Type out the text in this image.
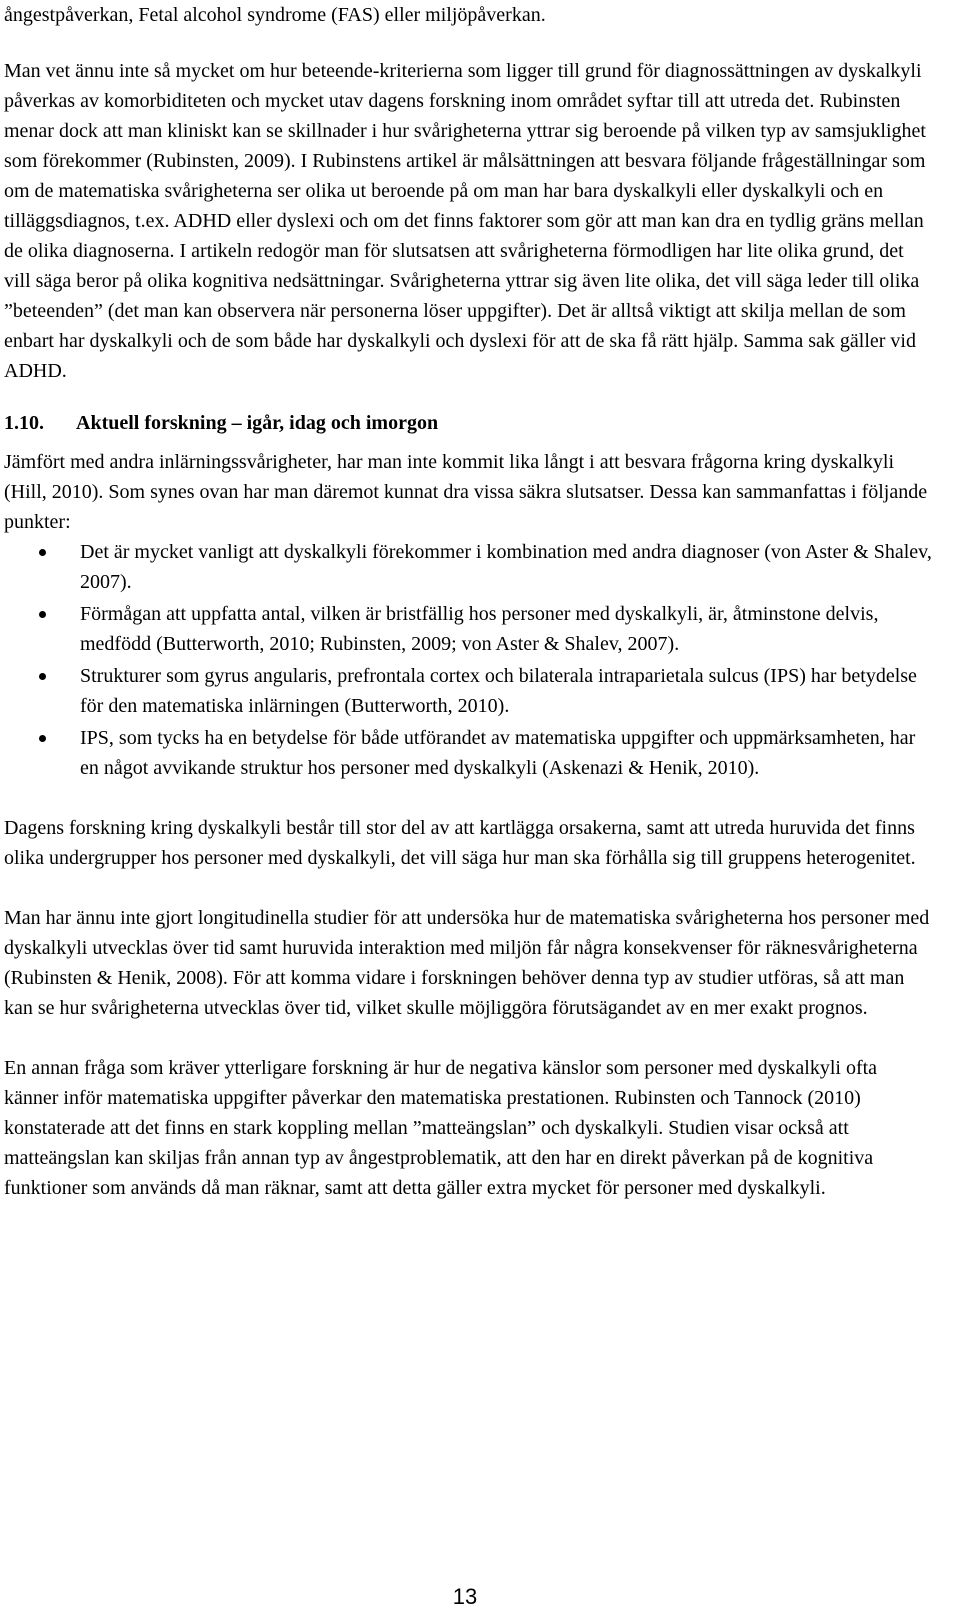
ångestpåverkan, Fetal alcohol syndrome (FAS) eller miljöpåverkan.

Man vet ännu inte så mycket om hur beteende-kriterierna som ligger till grund för diagnossättningen av dyskalkyli påverkas av komorbiditeten och mycket utav dagens forskning inom området syftar till att utreda det. Rubinsten menar dock att man kliniskt kan se skillnader i hur svårigheterna yttrar sig beroende på vilken typ av samsjuklighet som förekommer (Rubinsten, 2009). I Rubinstens artikel är målsättningen att besvara följande frågeställningar som om de matematiska svårigheterna ser olika ut beroende på om man har bara dyskalkyli eller dyskalkyli och en tilläggsdiagnos, t.ex. ADHD eller dyslexi och om det finns faktorer som gör att man kan dra en tydlig gräns mellan de olika diagnoserna. I artikeln redogör man för slutsatsen att svårigheterna förmodligen har lite olika grund, det vill säga beror på olika kognitiva nedsättningar. Svårigheterna yttrar sig även lite olika, det vill säga leder till olika ”beteenden” (det man kan observera när personerna löser uppgifter). Det är alltså viktigt att skilja mellan de som enbart har dyskalkyli och de som både har dyskalkyli och dyslexi för att de ska få rätt hjälp. Samma sak gäller vid ADHD.

1.10.	Aktuell forskning – igår, idag och imorgon

Jämfört med andra inlärningssvårigheter, har man inte kommit lika långt i att besvara frågorna kring dyskalkyli (Hill, 2010). Som synes ovan har man däremot kunnat dra vissa säkra slutsatser. Dessa kan sammanfattas i följande punkter:

Det är mycket vanligt att dyskalkyli förekommer i kombination med andra diagnoser (von Aster & Shalev, 2007).
Förmågan att uppfatta antal, vilken är bristfällig hos personer med dyskalkyli, är, åtminstone delvis, medfödd (Butterworth, 2010; Rubinsten, 2009; von Aster & Shalev, 2007).
Strukturer som gyrus angularis, prefrontala cortex och bilaterala intraparietala sulcus (IPS) har betydelse för den matematiska inlärningen (Butterworth, 2010).
IPS, som tycks ha en betydelse för både utförandet av matematiska uppgifter och uppmärksamheten, har en något avvikande struktur hos personer med dyskalkyli (Askenazi & Henik, 2010).

Dagens forskning kring dyskalkyli består till stor del av att kartlägga orsakerna, samt att utreda huruvida det finns olika undergrupper hos personer med dyskalkyli, det vill säga hur man ska förhålla sig till gruppens heterogenitet.

Man har ännu inte gjort longitudinella studier för att undersöka hur de matematiska svårigheterna hos personer med dyskalkyli utvecklas över tid samt huruvida interaktion med miljön får några konsekvenser för räknesvårigheterna (Rubinsten & Henik, 2008). För att komma vidare i forskningen behöver denna typ av studier utföras, så att man kan se hur svårigheterna utvecklas över tid, vilket skulle möjliggöra förutsägandet av en mer exakt prognos.

En annan fråga som kräver ytterligare forskning är hur de negativa känslor som personer med dyskalkyli ofta känner inför matematiska uppgifter påverkar den matematiska prestationen. Rubinsten och Tannock (2010) konstaterade att det finns en stark koppling mellan ”matteängslan” och dyskalkyli. Studien visar också att matteängslan kan skiljas från annan typ av ångestproblematik, att den har en direkt påverkan på de kognitiva funktioner som används då man räknar, samt att detta gäller extra mycket för personer med dyskalkyli.

13
